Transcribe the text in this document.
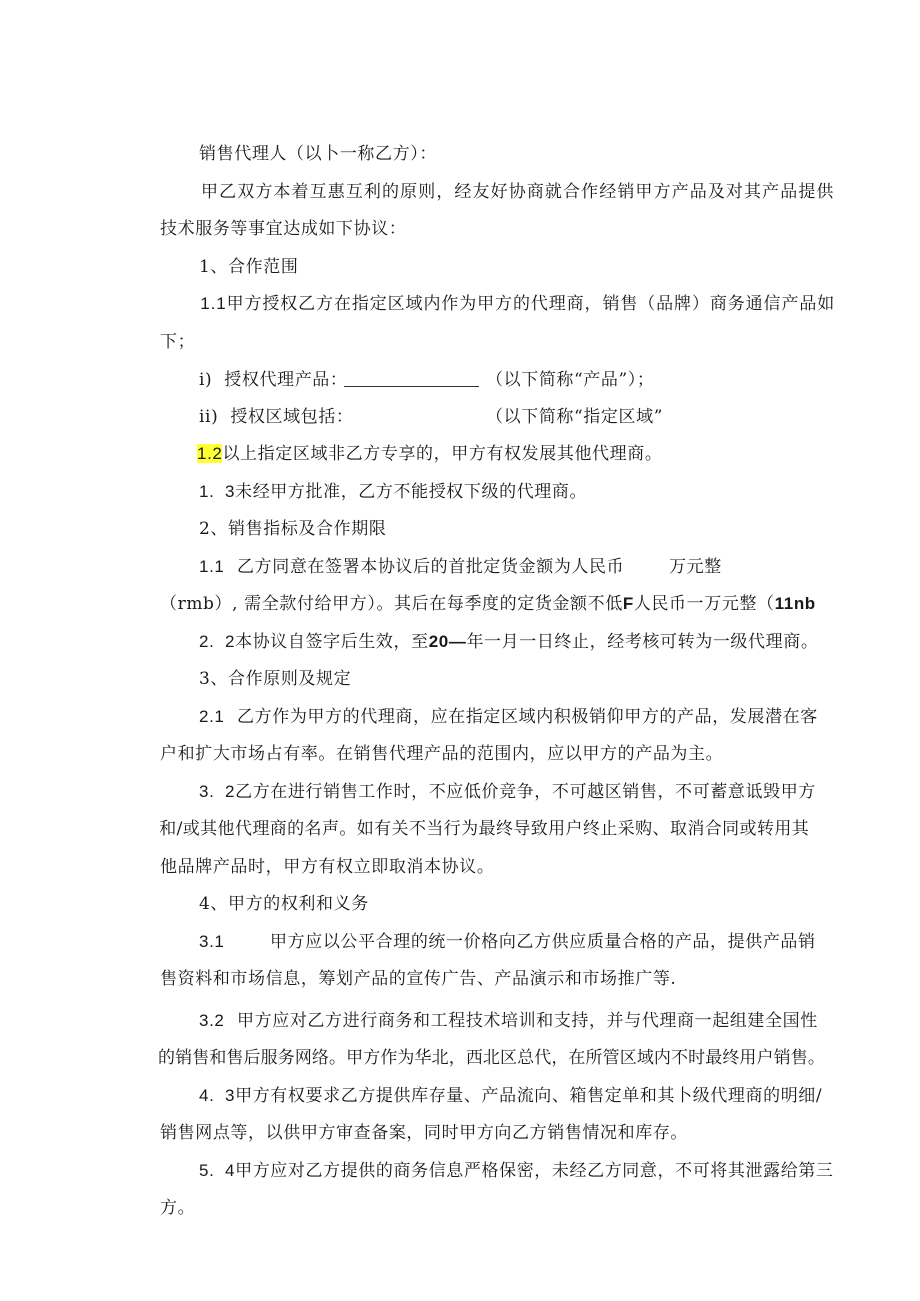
销售代理人（以卜一称乙方）：

甲乙双方本着互惠互利的原则，经友好协商就合作经销甲方产品及对其产品提供

技术服务等事宜达成如下协议：

1、合作范围

1.1甲方授权乙方在指定区域内作为甲方的代理商，销售（品牌）商务通信产品如

下；

i)  授权代理产品：

	（以下简称“产品”）；

ii)  授权区域包括：
	（以下简称“指定区域”

1.2以上指定区域非乙方专享的，甲方有权发展其他代理商。

1.  3未经甲方批准，乙方不能授权下级的代理商。

2、销售指标及合作期限

1.1
乙方同意在签署本协议后的首批定货金额为人民币
	万元整

（rmb）, 需全款付给甲方）。其后在每季度的定货金额不低F人民币一万元整（11nb

2.  2本协议自签字后生效，至20—年一月一日终止，经考核可转为一级代理商。

3、合作原则及规定

2.1
乙方作为甲方的代理商，应在指定区域内积极销仰甲方的产品，发展潜在客

户和扩大市场占有率。在销售代理产品的范围内，应以甲方的产品为主。

3.  2乙方在进行销售工作时，不应低价竞争，不可越区销售，不可蓄意诋毁甲方

和/或其他代理商的名声。如有关不当行为最终导致用户终止采购、取消合同或转用其

他品牌产品时，甲方有权立即取消本协议。

4、甲方的权利和义务

3.1
	甲方应以公平合理的统一价格向乙方供应质量合格的产品，提供产品销

售资料和市场信息，筹划产品的宣传广告、产品演示和市场推广等.

3.2
甲方应对乙方进行商务和工程技术培训和支持，并与代理商一起组建全国性

的销售和售后服务网络。甲方作为华北，西北区总代，在所管区域内不时最终用户销售。

4.  3甲方有权要求乙方提供库存量、产品流向、箱售定单和其卜级代理商的明细/

销售网点等，以供甲方审查备案，同时甲方向乙方销售情况和库存。

5.  4甲方应对乙方提供的商务信息严格保密，未经乙方同意，不可将其泄露给第三

方。
